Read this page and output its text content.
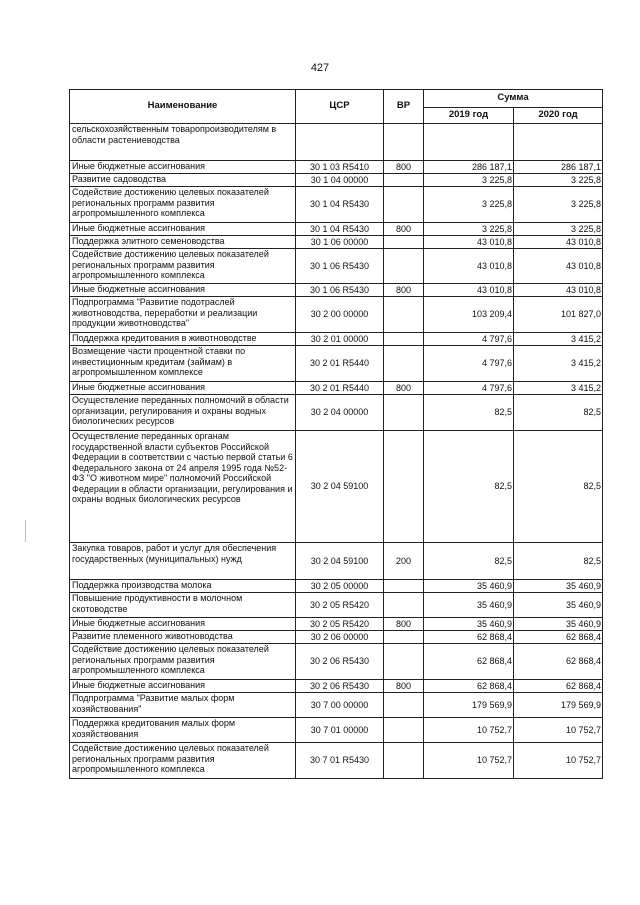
427
Наименование	ЦСР	ВР	Сумма	
			2019 год	2020 год
сельскохозяйственным товаропроизводителям в области растениеводства				
Иные бюджетные ассигнования	30 1 03 R5410	800	286 187,1	286 187,1
Развитие садоводства	30 1 04 00000		3 225,8	3 225,8
Содействие достижению целевых показателей региональных программ развития агропромышленного комплекса	30 1 04 R5430		3 225,8	3 225,8
Иные бюджетные ассигнования	30 1 04 R5430	800	3 225,8	3 225,8
Поддержка элитного семеноводства	30 1 06 00000		43 010,8	43 010,8
Содействие достижению целевых показателей региональных программ развития агропромышленного комплекса	30 1 06 R5430		43 010,8	43 010,8
Иные бюджетные ассигнования	30 1 06 R5430	800	43 010,8	43 010,8
Подпрограмма "Развитие подотраслей животноводства, переработки и реализации продукции животноводства"	30 2 00 00000		103 209,4	101 827,0
Поддержка кредитования в животноводстве	30 2 01 00000		4 797,6	3 415,2
Возмещение части процентной ставки по инвестиционным кредитам (займам) в агропромышленном комплексе	30 2 01 R5440		4 797,6	3 415,2
Иные бюджетные ассигнования	30 2 01 R5440	800	4 797,6	3 415,2
Осуществление переданных полномочий в области организации, регулирования и охраны водных биологических ресурсов	30 2 04 00000		82,5	82,5
Осуществление переданных органам государственной власти субъектов Российской Федерации в соответствии с частью первой статьи 6 Федерального закона от 24 апреля 1995 года №52-ФЗ "О животном мире" полномочий Российской Федерации в области организации, регулирования и охраны водных биологических ресурсов	30 2 04 59100		82,5	82,5
Закупка товаров, работ и услуг для обеспечения государственных (муниципальных) нужд	30 2 04 59100	200	82,5	82,5
Поддержка производства молока	30 2 05 00000		35 460,9	35 460,9
Повышение продуктивности в молочном скотоводстве	30 2 05 R5420		35 460,9	35 460,9
Иные бюджетные ассигнования	30 2 05 R5420	800	35 460,9	35 460,9
Развитие племенного животноводства	30 2 06 00000		62 868,4	62 868,4
Содействие достижению целевых показателей региональных программ развития агропромышленного комплекса	30 2 06 R5430		62 868,4	62 868,4
Иные бюджетные ассигнования	30 2 06 R5430	800	62 868,4	62 868,4
Подпрограмма "Развитие малых форм хозяйствования"	30 7 00 00000		179 569,9	179 569,9
Поддержка кредитования малых форм хозяйствования	30 7 01 00000		10 752,7	10 752,7
Содействие достижению целевых показателей региональных программ развития агропромышленного комплекса	30 7 01 R5430		10 752,7	10 752,7
